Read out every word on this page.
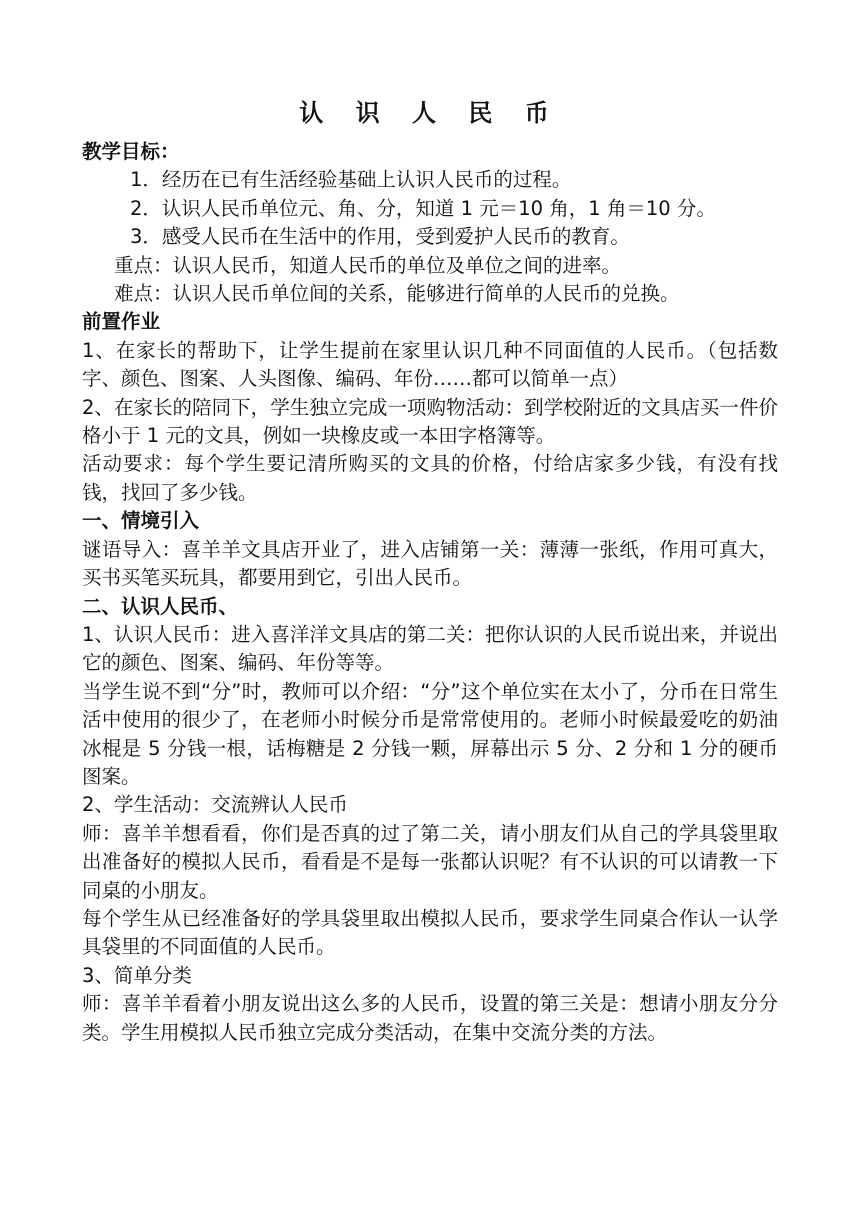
认 识 人 民 币

教学目标：

1．经历在已有生活经验基础上认识人民币的过程。

2．认识人民币单位元、角、分，知道 1 元＝10 角，1 角＝10 分。

3．感受人民币在生活中的作用，受到爱护人民币的教育。

重点：认识人民币，知道人民币的单位及单位之间的进率。

难点：认识人民币单位间的关系，能够进行简单的人民币的兑换。

前置作业

1、在家长的帮助下，让学生提前在家里认识几种不同面值的人民币。（包括数字、颜色、图案、人头图像、编码、年份……都可以简单一点）

2、在家长的陪同下，学生独立完成一项购物活动：到学校附近的文具店买一件价格小于 1 元的文具，例如一块橡皮或一本田字格簿等。

活动要求：每个学生要记清所购买的文具的价格，付给店家多少钱，有没有找钱，找回了多少钱。

一、情境引入

谜语导入：喜羊羊文具店开业了，进入店铺第一关：薄薄一张纸，作用可真大，买书买笔买玩具，都要用到它，引出人民币。

二、认识人民币、

1、认识人民币：进入喜洋洋文具店的第二关：把你认识的人民币说出来，并说出它的颜色、图案、编码、年份等等。

当学生说不到“分”时，教师可以介绍：“分”这个单位实在太小了，分币在日常生活中使用的很少了，在老师小时候分币是常常使用的。老师小时候最爱吃的奶油冰棍是 5 分钱一根，话梅糖是 2 分钱一颗，屏幕出示 5 分、2 分和 1 分的硬币图案。

2、学生活动：交流辨认人民币

师：喜羊羊想看看，你们是否真的过了第二关，请小朋友们从自己的学具袋里取出准备好的模拟人民币，看看是不是每一张都认识呢？有不认识的可以请教一下同桌的小朋友。

每个学生从已经准备好的学具袋里取出模拟人民币，要求学生同桌合作认一认学具袋里的不同面值的人民币。

3、简单分类

师：喜羊羊看着小朋友说出这么多的人民币，设置的第三关是：想请小朋友分分类。学生用模拟人民币独立完成分类活动，在集中交流分类的方法。
